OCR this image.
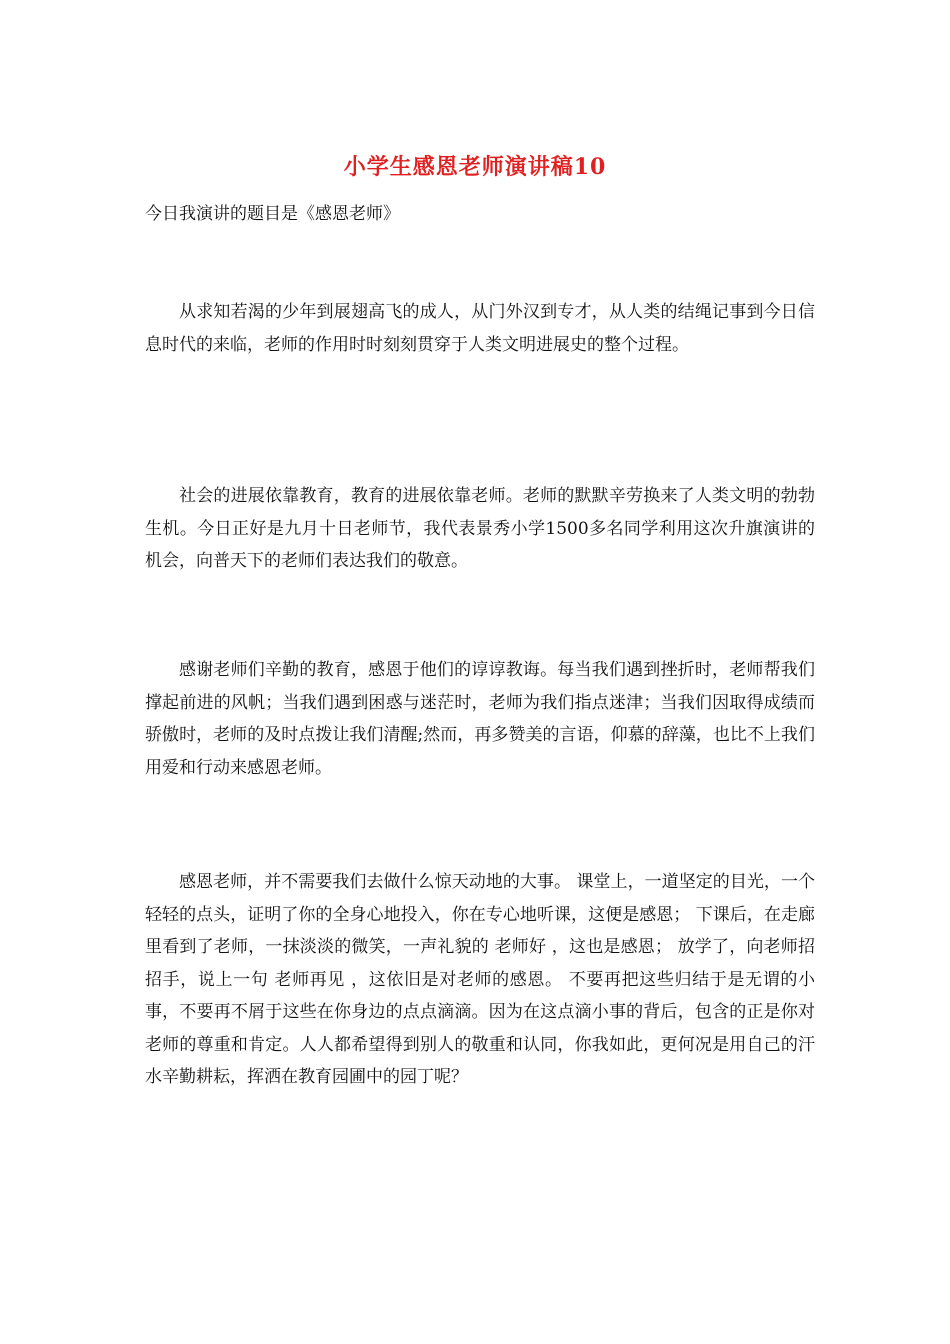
小学生感恩老师演讲稿10
今日我演讲的题目是《感恩老师》

从求知若渴的少年到展翅高飞的成人，从门外汉到专才，从人类的结绳记事到今日信息时代的来临，老师的作用时时刻刻贯穿于人类文明进展史的整个过程。

社会的进展依靠教育，教育的进展依靠老师。老师的默默辛劳换来了人类文明的勃勃生机。今日正好是九月十日老师节，我代表景秀小学1500多名同学利用这次升旗演讲的机会，向普天下的老师们表达我们的敬意。

感谢老师们辛勤的教育，感恩于他们的谆谆教诲。每当我们遇到挫折时，老师帮我们撑起前进的风帆；当我们遇到困惑与迷茫时，老师为我们指点迷津；当我们因取得成绩而骄傲时，老师的及时点拨让我们清醒;然而，再多赞美的言语，仰慕的辞藻，也比不上我们用爱和行动来感恩老师。

感恩老师，并不需要我们去做什么惊天动地的大事。 课堂上，一道坚定的目光，一个轻轻的点头，证明了你的全身心地投入，你在专心地听课，这便是感恩； 下课后，在走廊里看到了老师，一抹淡淡的微笑，一声礼貌的 老师好 ，这也是感恩； 放学了，向老师招招手，说上一句 老师再见 ，这依旧是对老师的感恩。 不要再把这些归结于是无谓的小事，不要再不屑于这些在你身边的点点滴滴。因为在这点滴小事的背后，包含的正是你对老师的尊重和肯定。人人都希望得到别人的敬重和认同，你我如此，更何况是用自己的汗水辛勤耕耘，挥洒在教育园圃中的园丁呢？
